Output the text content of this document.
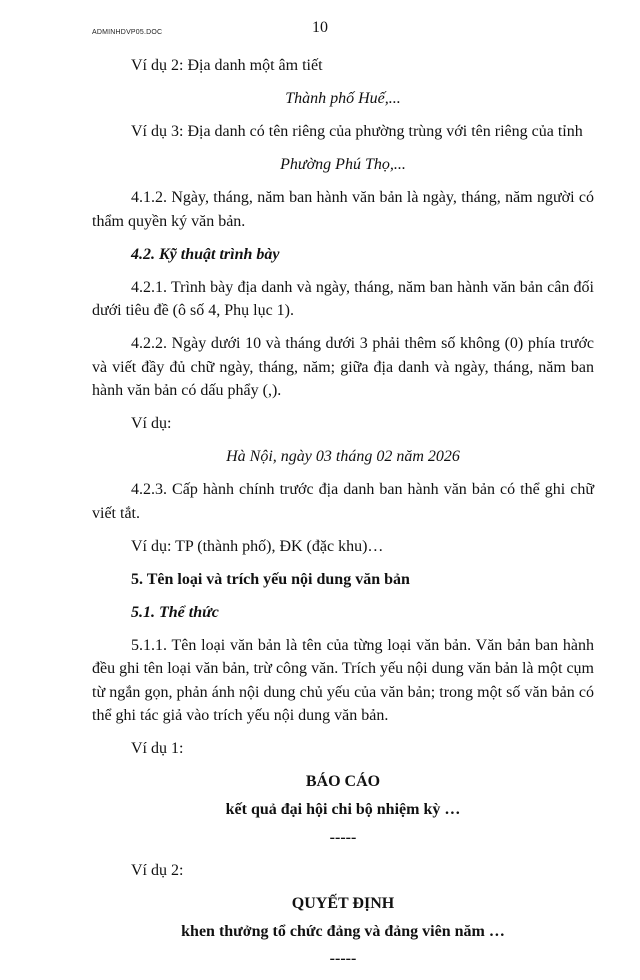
ADMINHDVP05.DOC	10

Ví dụ 2: Địa danh một âm tiết

Thành phố Huế,...

Ví dụ 3: Địa danh có tên riêng của phường trùng với tên riêng của tỉnh

Phường Phú Thọ,...

4.1.2. Ngày, tháng, năm ban hành văn bản là ngày, tháng, năm người có thẩm quyền ký văn bản.

4.2. Kỹ thuật trình bày

4.2.1. Trình bày địa danh và ngày, tháng, năm ban hành văn bản cân đối dưới tiêu đề (ô số 4, Phụ lục 1).

4.2.2. Ngày dưới 10 và tháng dưới 3 phải thêm số không (0) phía trước và viết đầy đủ chữ ngày, tháng, năm; giữa địa danh và ngày, tháng, năm ban hành văn bản có dấu phẩy (,).

Ví dụ:

Hà Nội, ngày 03 tháng 02 năm 2026

4.2.3. Cấp hành chính trước địa danh ban hành văn bản có thể ghi chữ viết tắt.

Ví dụ: TP (thành phố), ĐK (đặc khu)…

5. Tên loại và trích yếu nội dung văn bản

5.1. Thể thức

5.1.1. Tên loại văn bản là tên của từng loại văn bản. Văn bản ban hành đều ghi tên loại văn bản, trừ công văn. Trích yếu nội dung văn bản là một cụm từ ngắn gọn, phản ánh nội dung chủ yếu của văn bản; trong một số văn bản có thể ghi tác giả vào trích yếu nội dung văn bản.

Ví dụ 1:

BÁO CÁO

kết quả đại hội chi bộ nhiệm kỳ …

-----

Ví dụ 2:

QUYẾT ĐỊNH

khen thưởng tổ chức đảng và đảng viên năm …

-----
